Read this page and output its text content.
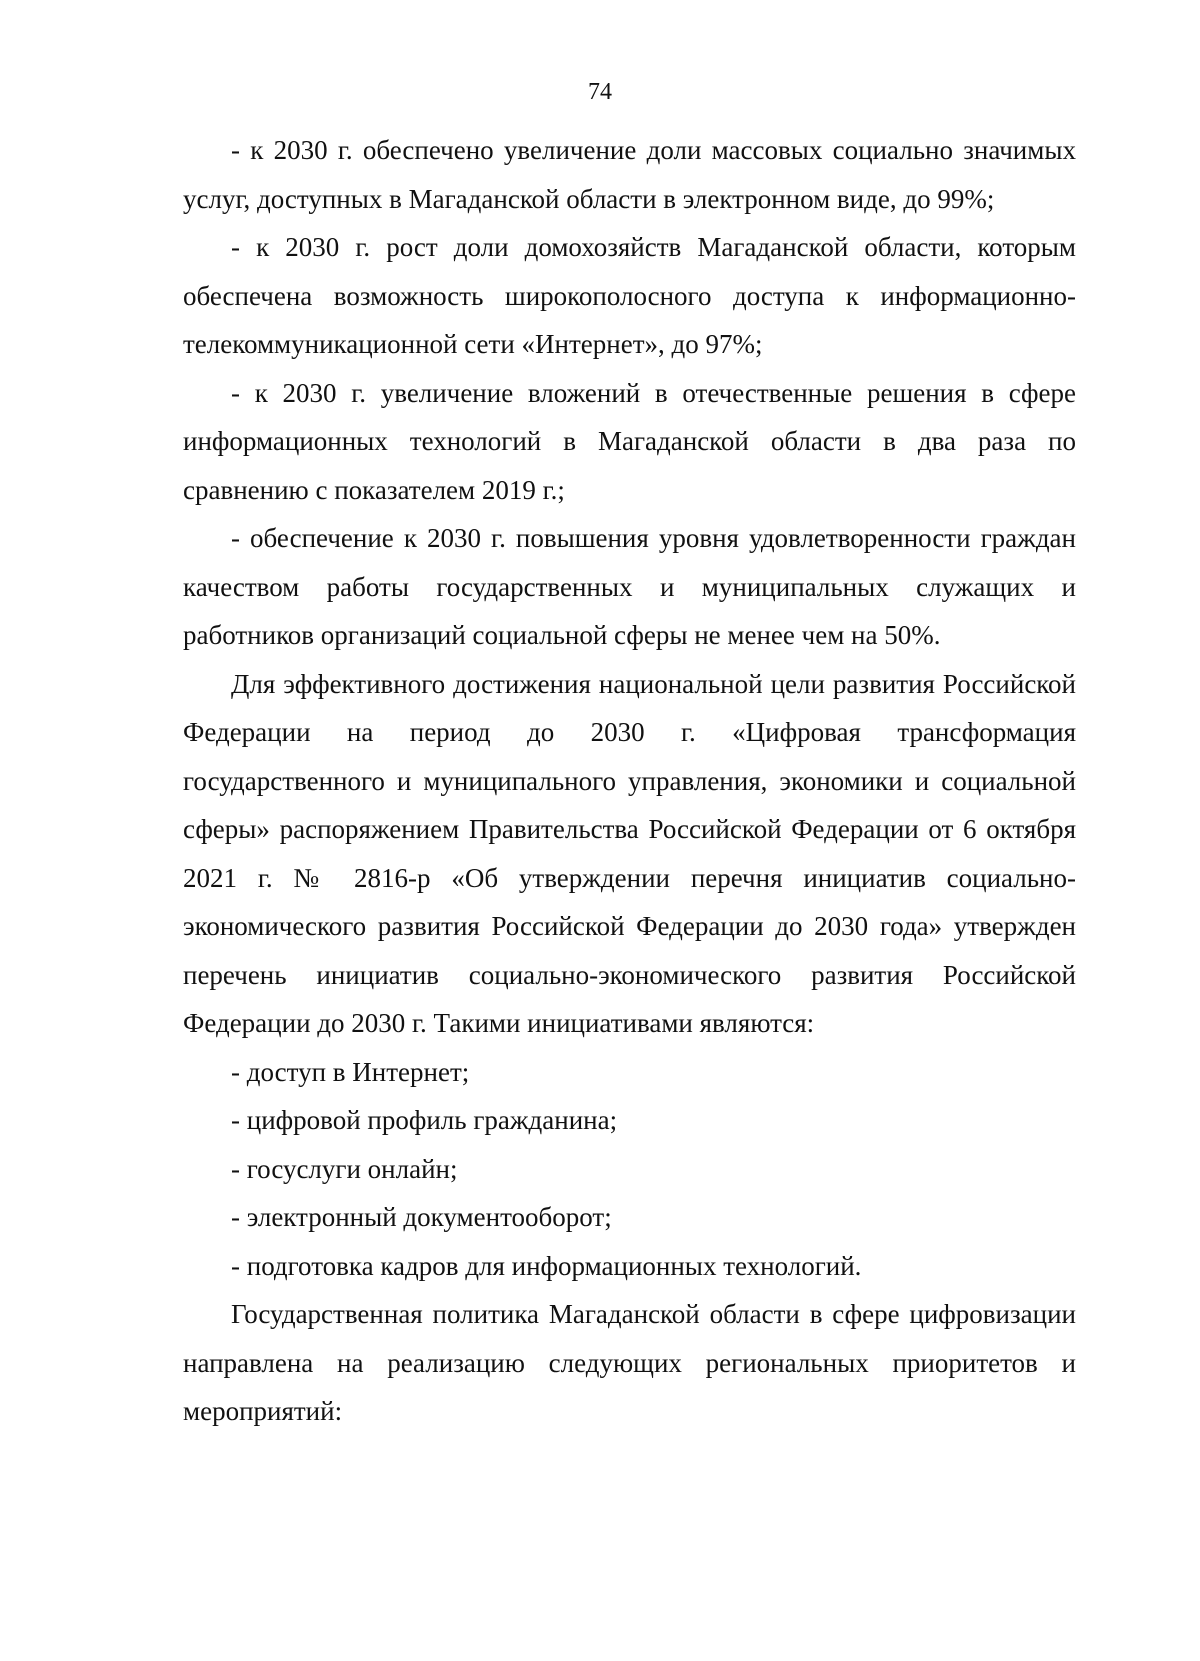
74

- к 2030 г. обеспечено увеличение доли массовых социально значимых услуг, доступных в Магаданской области в электронном виде, до 99%;

- к 2030 г. рост доли домохозяйств Магаданской области, которым обеспечена возможность широкополосного доступа к информационно-телекоммуникационной сети «Интернет», до 97%;

- к 2030 г. увеличение вложений в отечественные решения в сфере информационных технологий в Магаданской области в два раза по сравнению с показателем 2019 г.;

- обеспечение к 2030 г. повышения уровня удовлетворенности граждан качеством работы государственных и муниципальных служащих и работников организаций социальной сферы не менее чем на 50%.

Для эффективного достижения национальной цели развития Российской Федерации на период до 2030 г. «Цифровая трансформация государственного и муниципального управления, экономики и социальной сферы» распоряжением Правительства Российской Федерации от 6 октября 2021 г. № 2816-р «Об утверждении перечня инициатив социально-экономического развития Российской Федерации до 2030 года» утвержден перечень инициатив социально-экономического развития Российской Федерации до 2030 г. Такими инициативами являются:

- доступ в Интернет;

- цифровой профиль гражданина;

- госуслуги онлайн;

- электронный документооборот;

- подготовка кадров для информационных технологий.

Государственная политика Магаданской области в сфере цифровизации направлена на реализацию следующих региональных приоритетов и мероприятий:
